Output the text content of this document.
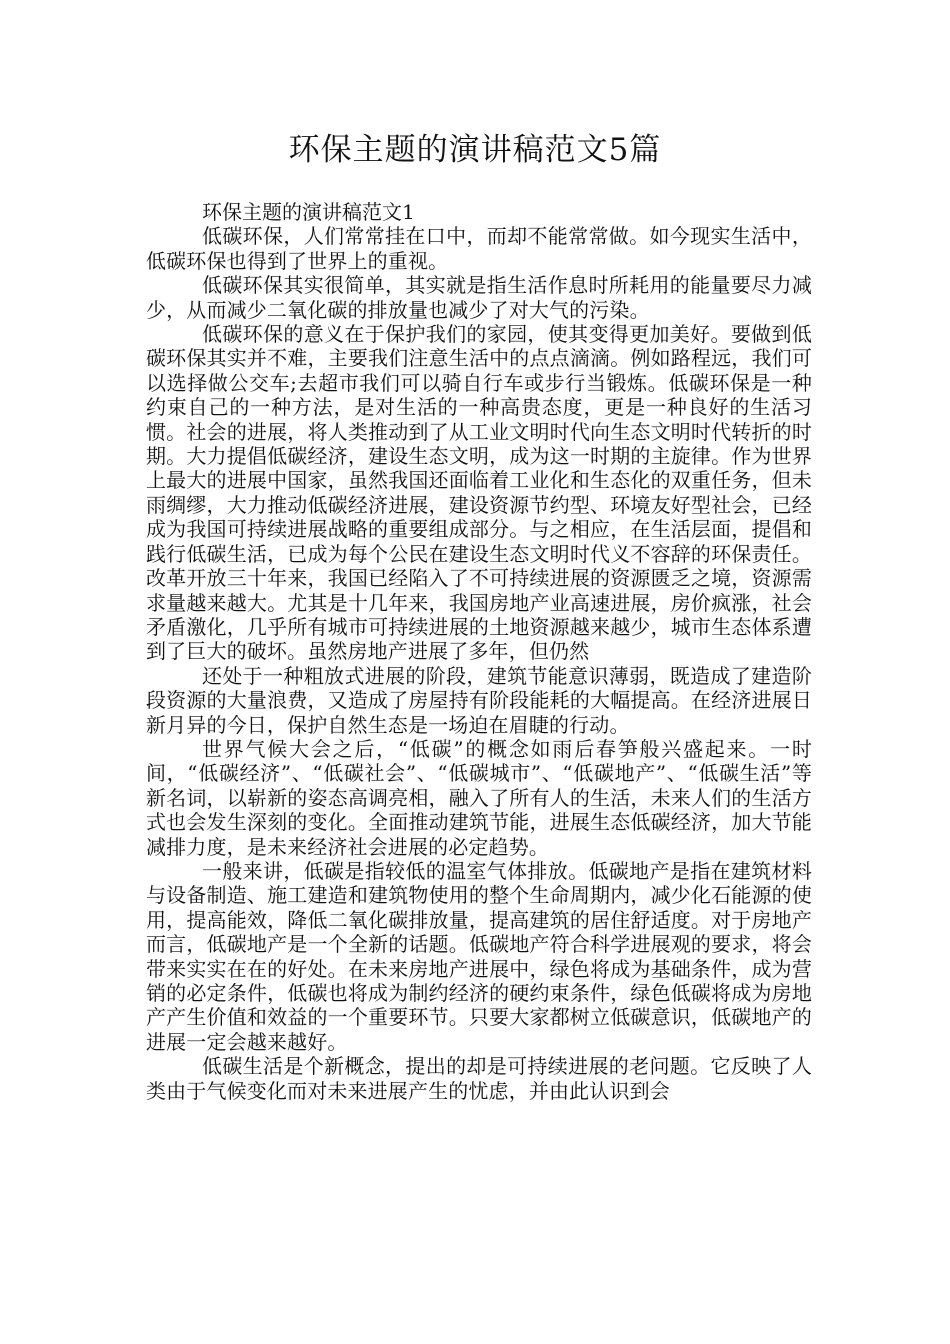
环保主题的演讲稿范文5篇

环保主题的演讲稿范文1

低碳环保，人们常常挂在口中，而却不能常常做。如今现实生活中，低碳环保也得到了世界上的重视。

低碳环保其实很简单，其实就是指生活作息时所耗用的能量要尽力减少，从而减少二氧化碳的排放量也减少了对大气的污染。

低碳环保的意义在于保护我们的家园，使其变得更加美好。要做到低碳环保其实并不难，主要我们注意生活中的点点滴滴。例如路程远，我们可以选择做公交车;去超市我们可以骑自行车或步行当锻炼。低碳环保是一种约束自己的一种方法，是对生活的一种高贵态度，更是一种良好的生活习惯。社会的进展，将人类推动到了从工业文明时代向生态文明时代转折的时期。大力提倡低碳经济，建设生态文明，成为这一时期的主旋律。作为世界上最大的进展中国家，虽然我国还面临着工业化和生态化的双重任务，但未雨绸缪，大力推动低碳经济进展，建设资源节约型、环境友好型社会，已经成为我国可持续进展战略的重要组成部分。与之相应，在生活层面，提倡和践行低碳生活，已成为每个公民在建设生态文明时代义不容辞的环保责任。改革开放三十年来，我国已经陷入了不可持续进展的资源匮乏之境，资源需求量越来越大。尤其是十几年来，我国房地产业高速进展，房价疯涨，社会矛盾激化，几乎所有城市可持续进展的土地资源越来越少，城市生态体系遭到了巨大的破坏。虽然房地产进展了多年，但仍然

还处于一种粗放式进展的阶段，建筑节能意识薄弱，既造成了建造阶段资源的大量浪费，又造成了房屋持有阶段能耗的大幅提高。在经济进展日新月异的今日，保护自然生态是一场迫在眉睫的行动。

世界气候大会之后，“低碳”的概念如雨后春笋般兴盛起来。一时间，“低碳经济”、“低碳社会”、“低碳城市”、“低碳地产”、“低碳生活”等新名词，以崭新的姿态高调亮相，融入了所有人的生活，未来人们的生活方式也会发生深刻的变化。全面推动建筑节能，进展生态低碳经济，加大节能减排力度，是未来经济社会进展的必定趋势。

一般来讲，低碳是指较低的温室气体排放。低碳地产是指在建筑材料与设备制造、施工建造和建筑物使用的整个生命周期内，减少化石能源的使用，提高能效，降低二氧化碳排放量，提高建筑的居住舒适度。对于房地产而言，低碳地产是一个全新的话题。低碳地产符合科学进展观的要求，将会带来实实在在的好处。在未来房地产进展中，绿色将成为基础条件，成为营销的必定条件，低碳也将成为制约经济的硬约束条件，绿色低碳将成为房地产产生价值和效益的一个重要环节。只要大家都树立低碳意识，低碳地产的进展一定会越来越好。

低碳生活是个新概念，提出的却是可持续进展的老问题。它反映了人类由于气候变化而对未来进展产生的忧虑，并由此认识到会
